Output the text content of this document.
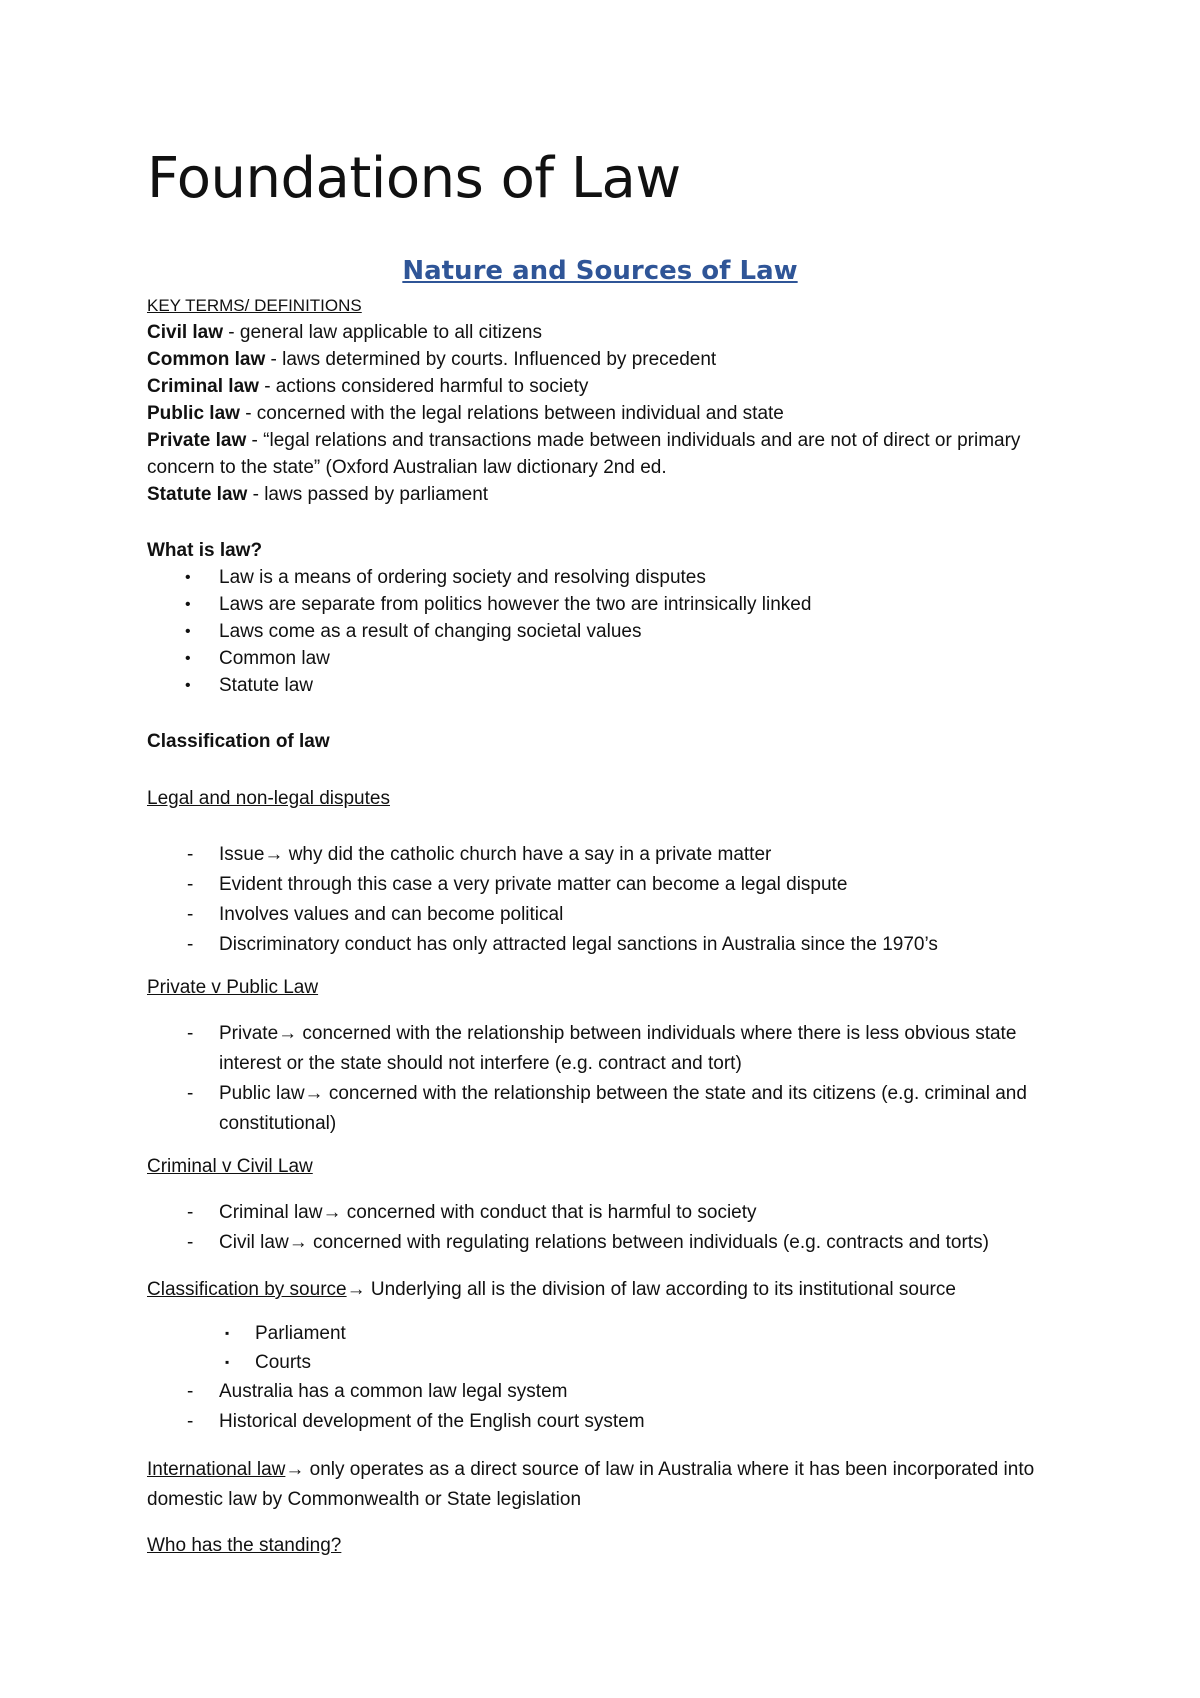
Foundations of Law
Nature and Sources of Law

KEY TERMS/ DEFINITIONS

Civil law - general law applicable to all citizens

Common law - laws determined by courts. Influenced by precedent

Criminal law - actions considered harmful to society

Public law - concerned with the legal relations between individual and state

Private law - “legal relations and transactions made between individuals and are not of direct or primary concern to the state” (Oxford Australian law dictionary 2nd ed.

Statute law - laws passed by parliament

What is law?

• Law is a means of ordering society and resolving disputes
• Laws are separate from politics however the two are intrinsically linked
• Laws come as a result of changing societal values
• Common law
• Statute law

Classification of law

Legal and non-legal disputes

- Issue→ why did the catholic church have a say in a private matter
- Evident through this case a very private matter can become a legal dispute
- Involves values and can become political
- Discriminatory conduct has only attracted legal sanctions in Australia since the 1970’s

Private v Public Law

- Private→ concerned with the relationship between individuals where there is less obvious state interest or the state should not interfere (e.g. contract and tort)
- Public law→ concerned with the relationship between the state and its citizens (e.g. criminal and constitutional)

Criminal v Civil Law

- Criminal law→ concerned with conduct that is harmful to society
- Civil law→ concerned with regulating relations between individuals (e.g. contracts and torts)

Classification by source→ Underlying all is the division of law according to its institutional source

▪ Parliament
▪ Courts
- Australia has a common law legal system
- Historical development of the English court system

International law→ only operates as a direct source of law in Australia where it has been incorporated into domestic law by Commonwealth or State legislation

Who has the standing?
